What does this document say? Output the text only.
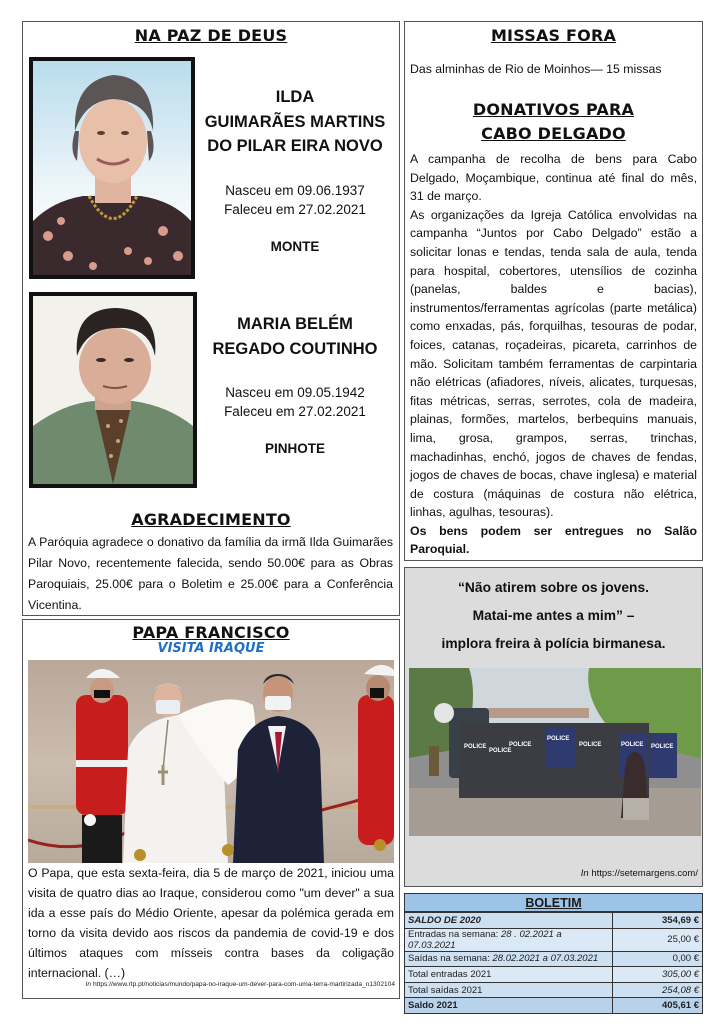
NA PAZ DE DEUS
ILDA
GUIMARÃES MARTINS
DO PILAR EIRA NOVO
Nasceu em 09.06.1937
Faleceu em 27.02.2021
MONTE
MARIA BELÉM
REGADO COUTINHO
Nasceu em 09.05.1942
Faleceu em 27.02.2021
PINHOTE
AGRADECIMENTO

A Paróquia agradece o donativo da família da irmã Ilda Guimarães Pilar Novo, recentemente falecida, sendo 50.00€ para as Obras Paroquiais, 25.00€ para o Boletim e 25.00€ para a Conferência Vicentina.

PAPA FRANCISCO
VISITA IRAQUE

O Papa, que esta sexta-feira, dia 5 de março de 2021, iniciou uma visita de quatro dias ao Iraque, considerou como "um dever" a sua ida a esse país do Médio Oriente, apesar da polémica gerada em torno da visita devido aos riscos da pandemia de covid-19 e dos últimos ataques com mísseis contra bases da coligação internacional. (…)

In https://www.rtp.pt/noticias/mundo/papa-no-iraque-um-dever-para-com-uma-terra-martirizada_n1302104
MISSAS FORA
Das alminhas de Rio de Moinhos— 15 missas
DONATIVOS PARA
CABO DELGADO

A campanha de recolha de bens para Cabo Delgado, Moçambique, continua até final do mês, 31 de março.

As organizações da Igreja Católica envolvidas na campanha “Juntos por Cabo Delgado” estão a solicitar lonas e tendas, tenda sala de aula, tenda para hospital, cobertores, utensílios de cozinha (panelas, baldes e bacias), instrumentos/ferramentas agrícolas (parte metálica) como enxadas, pás, forquilhas, tesouras de podar, foices, catanas, roçadeiras, picareta, carrinhos de mão. Solicitam também ferramentas de carpintaria não elétricas (afiadores, níveis, alicates, turquesas, fitas métricas, serras, serrotes, cola de madeira, plainas, formões, martelos, berbequins manuais, lima, grosa, grampos, serras, trinchas, machadinhas, enchó, jogos de chaves de fendas, jogos de chaves de bocas, chave inglesa) e material de costura (máquinas de costura não elétrica, linhas, agulhas, tesouras).

Os bens podem ser entregues no Salão Paroquial.

“Não atirem sobre os jovens.
Matai-me antes a mim” –
implora freira à polícia birmanesa.
POLICE
POLICE
POLICE
POLICE
POLICE	POLICE POLICE
In https://setemargens.com/
BOLETIM
SALDO DE 2020	354,69 €
Entradas na semana: 28 . 02.2021 a 07.03.2021	25,00 €
Saídas na semana: 28.02.2021 a 07.03.2021	0,00 €
Total entradas 2021	305,00 €
Total saídas 2021	254,08 €
Saldo 2021	405,61 €
